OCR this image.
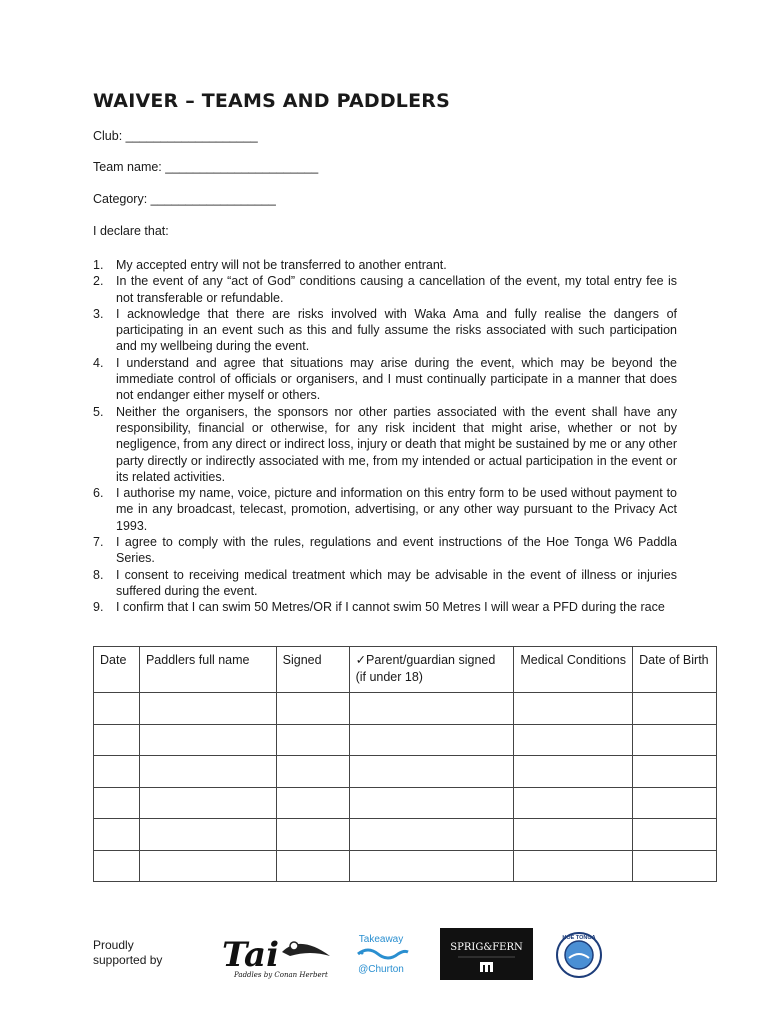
WAIVER – TEAMS AND PADDLERS
Club: ___________________
Team name: ______________________
Category: __________________
I declare that:
1. My accepted entry will not be transferred to another entrant.
2. In the event of any “act of God” conditions causing a cancellation of the event, my total entry fee is not transferable or refundable.
3. I acknowledge that there are risks involved with Waka Ama and fully realise the dangers of participating in an event such as this and fully assume the risks associated with such participation and my wellbeing during the event.
4. I understand and agree that situations may arise during the event, which may be beyond the immediate control of officials or organisers, and I must continually participate in a manner that does not endanger either myself or others.
5. Neither the organisers, the sponsors nor other parties associated with the event shall have any responsibility, financial or otherwise, for any risk incident that might arise, whether or not by negligence, from any direct or indirect loss, injury or death that might be sustained by me or any other party directly or indirectly associated with me, from my intended or actual participation in the event or its related activities.
6. I authorise my name, voice, picture and information on this entry form to be used without payment to me in any broadcast, telecast, promotion, advertising, or any other way pursuant to the Privacy Act 1993.
7. I agree to comply with the rules, regulations and event instructions of the Hoe Tonga W6 Paddla Series.
8. I consent to receiving medical treatment which may be advisable in the event of illness or injuries suffered during the event.
9. I confirm that I can swim 50 Metres/OR if I cannot swim 50 Metres I will wear a PFD during the race
Date	Paddlers full name	Signed	✓Parent/guardian signed (if under 18)	Medical Conditions	Date of Birth

Proudly supported by	Tai
Paddles by Conan Herbert
Takeaway
@Churton
SPRIG&FERN
HOE TONGA
